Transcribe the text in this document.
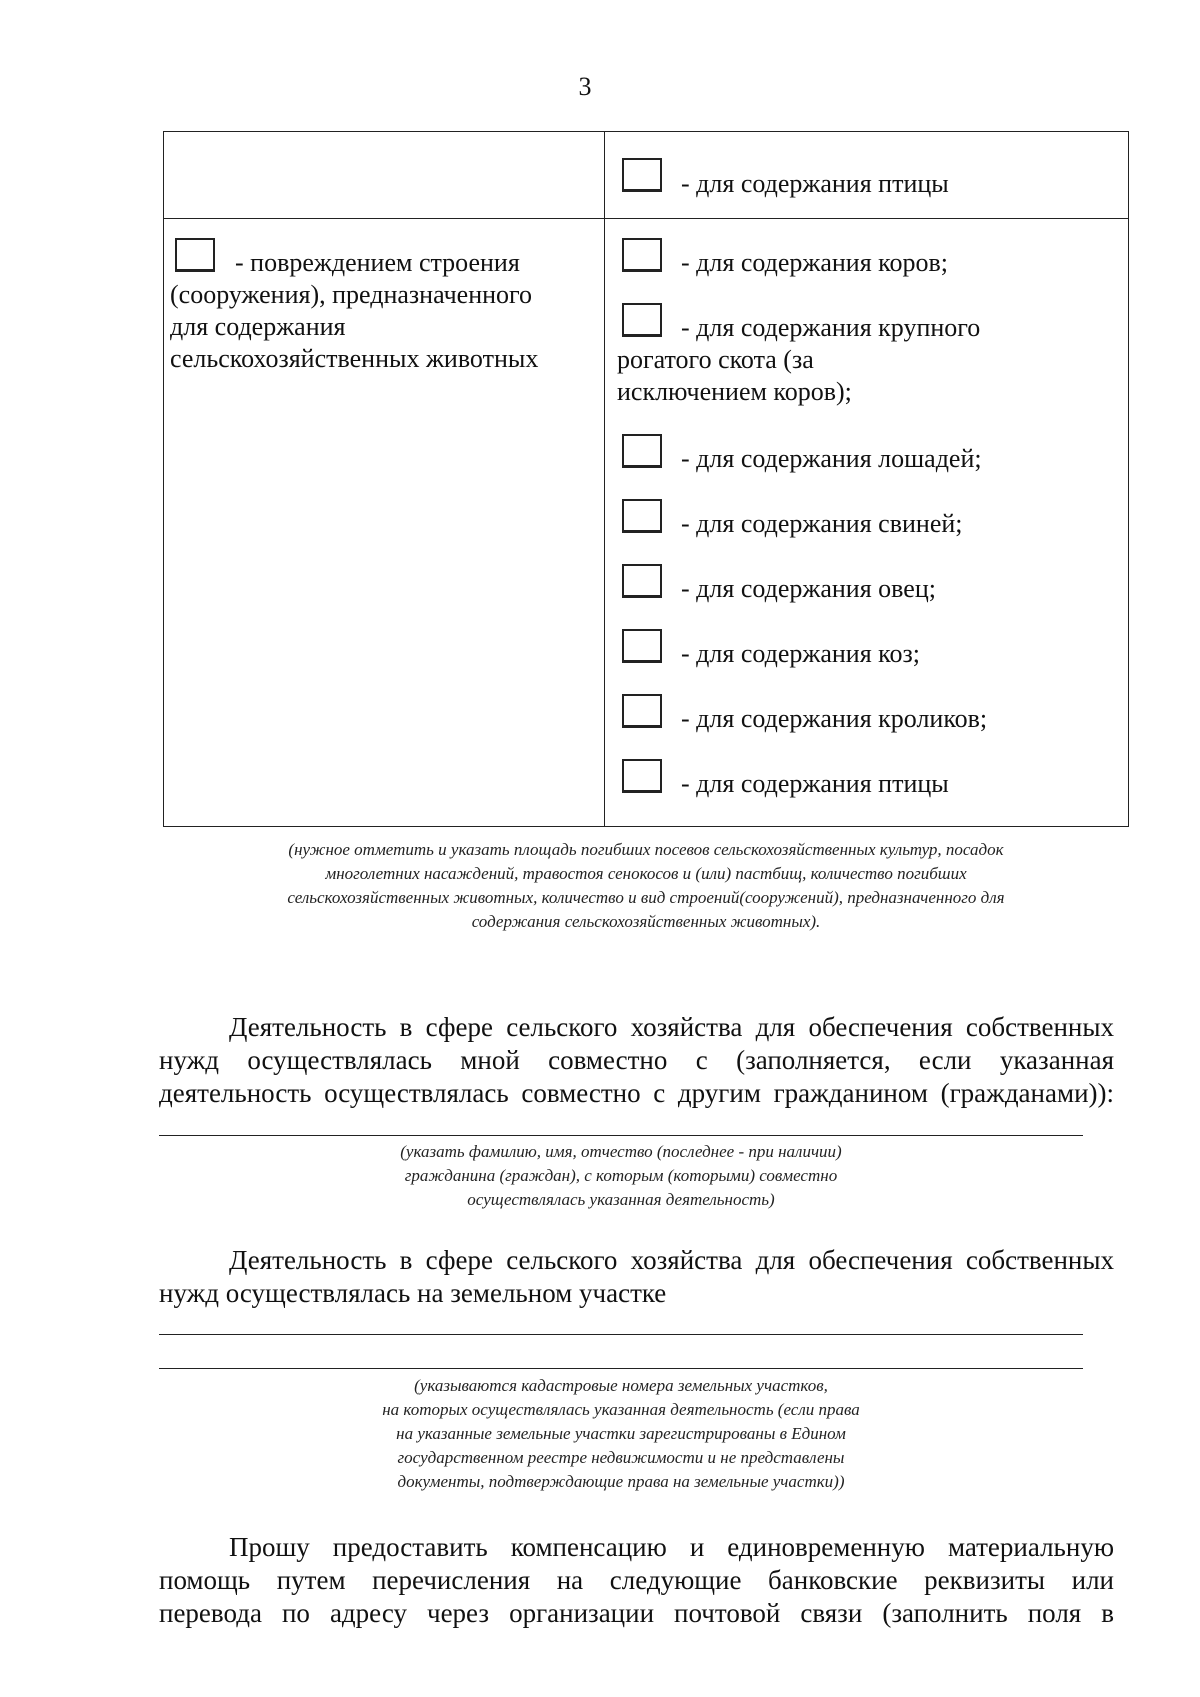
3
- для содержания птицы
- повреждением строения
(сооружения), предназначенного
для содержания
сельскохозяйственных животных
- для содержания коров;
- для содержания крупного
рогатого скота (за
исключением коров);
- для содержания лошадей;
- для содержания свиней;
- для содержания овец;
- для содержания коз;
- для содержания кроликов;
- для содержания птицы
(нужное отметить и указать площадь погибших посевов сельскохозяйственных культур, посадок
многолетних насаждений, травостоя сенокосов и (или) пастбищ, количество погибших
сельскохозяйственных животных, количество и вид строений(сооружений), предназначенного для
содержания сельскохозяйственных животных).
Деятельность в сфере сельского хозяйства для обеспечения собственных
нужд осуществлялась мной совместно с (заполняется, если указанная
деятельность осуществлялась совместно с другим гражданином (гражданами)):
(указать фамилию, имя, отчество (последнее - при наличии)
гражданина (граждан), с которым (которыми) совместно
осуществлялась указанная деятельность)
Деятельность в сфере сельского хозяйства для обеспечения собственных
нужд осуществлялась на земельном участке
(указываются кадастровые номера земельных участков,
на которых осуществлялась указанная деятельность (если права
на указанные земельные участки зарегистрированы в Едином
государственном реестре недвижимости и не представлены
документы, подтверждающие права на земельные участки))
Прошу предоставить компенсацию и единовременную материальную
помощь путем перечисления на следующие банковские реквизиты или
перевода по адресу через организации почтовой связи (заполнить поля в
